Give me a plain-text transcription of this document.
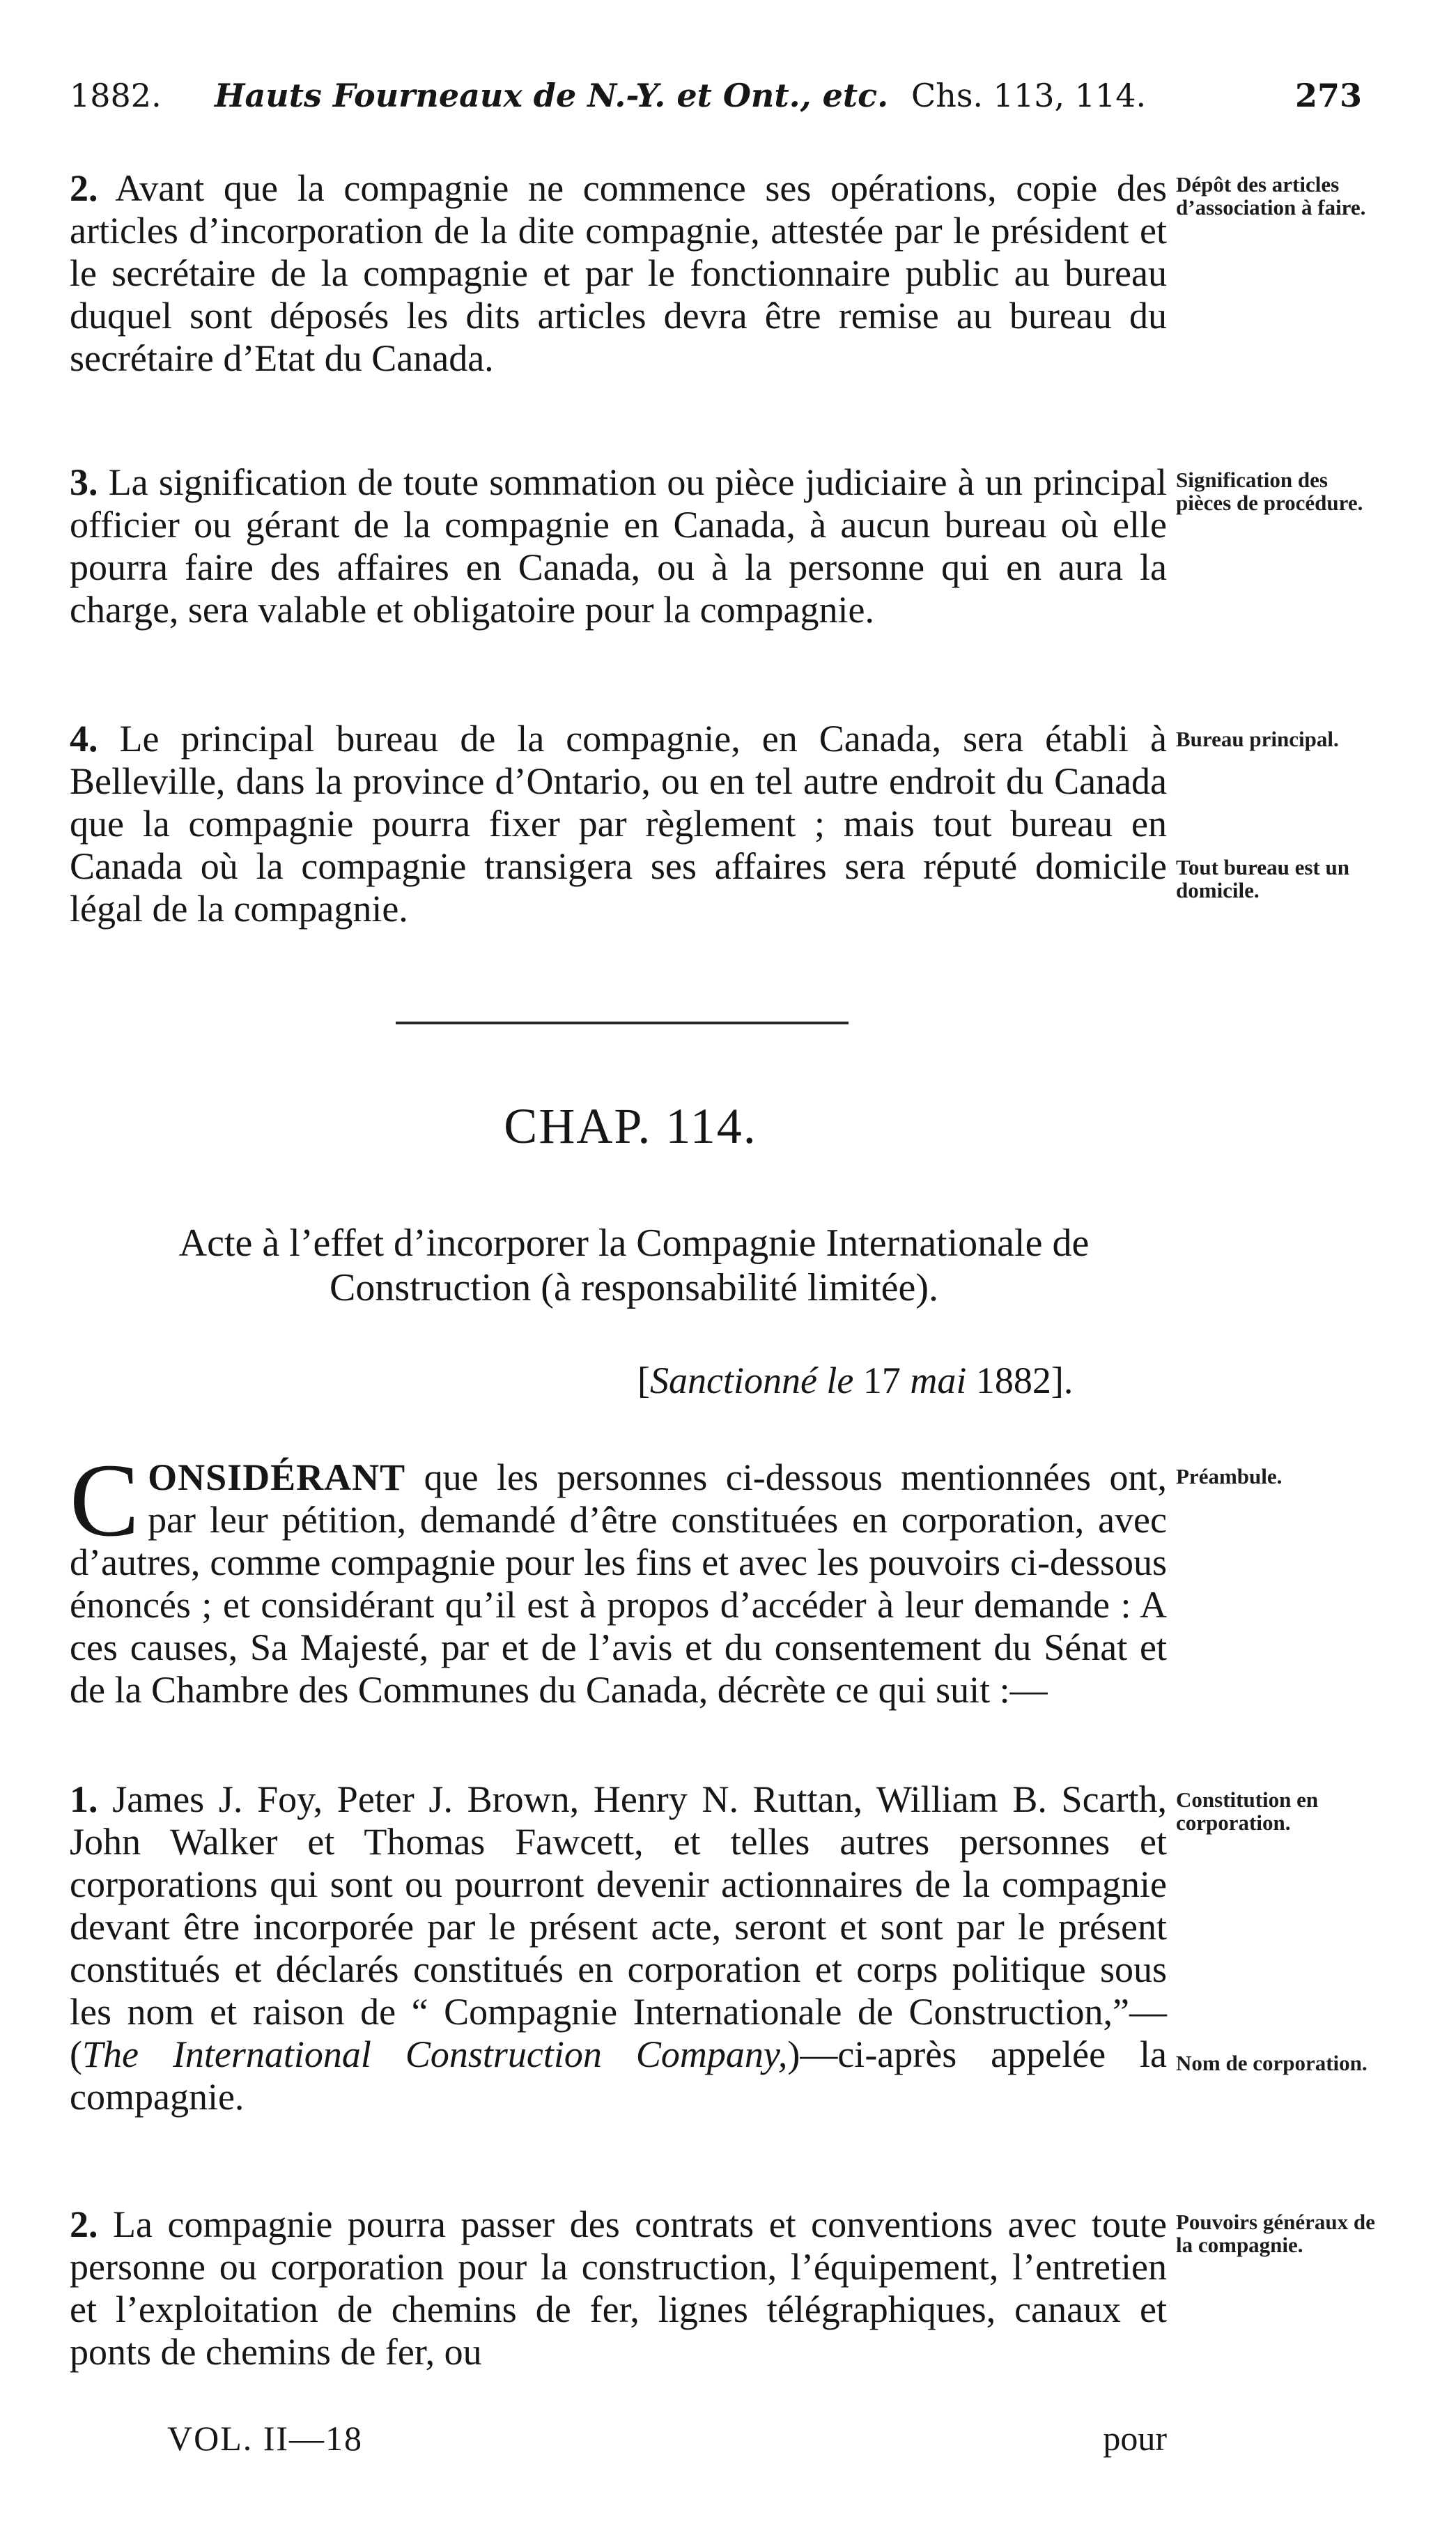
1882. Hauts Fourneaux de N.-Y. et Ont., etc. Chs. 113, 114.	273
2. Avant que la compagnie ne commence ses opérations, copie des articles d’incorporation de la dite compagnie, attestée par le président et le secrétaire de la compagnie et par le fonctionnaire public au bureau duquel sont déposés les dits articles devra être remise au bureau du secrétaire d’Etat du Canada.
Dépôt des articles d’association à faire.
3. La signification de toute sommation ou pièce judiciaire à un principal officier ou gérant de la compagnie en Canada, à aucun bureau où elle pourra faire des affaires en Canada, ou à la personne qui en aura la charge, sera valable et obligatoire pour la compagnie.
Signification des pièces de procédure.
4. Le principal bureau de la compagnie, en Canada, sera établi à Belleville, dans la province d’Ontario, ou en tel autre endroit du Canada que la compagnie pourra fixer par règlement ; mais tout bureau en Canada où la compagnie transigera ses affaires sera réputé domicile légal de la compagnie.
Bureau principal.
Tout bureau est un domicile.
CHAP. 114.
Acte à l’effet d’incorporer la Compagnie Internationale de Construction (à responsabilité limitée).
[Sanctionné le 17 mai 1882].
CONSIDÉRANT que les personnes ci-dessous mentionnées ont, par leur pétition, demandé d’être constituées en corporation, avec d’autres, comme compagnie pour les fins et avec les pouvoirs ci-dessous énoncés ; et considérant qu’il est à propos d’accéder à leur demande : A ces causes, Sa Majesté, par et de l’avis et du consentement du Sénat et de la Chambre des Communes du Canada, décrète ce qui suit :—
Préambule.
1. James J. Foy, Peter J. Brown, Henry N. Ruttan, William B. Scarth, John Walker et Thomas Fawcett, et telles autres personnes et corporations qui sont ou pourront devenir actionnaires de la compagnie devant être incorporée par le présent acte, seront et sont par le présent constitués et déclarés constitués en corporation et corps politique sous les nom et raison de “ Compagnie Internationale de Construction,”—(The International Construction Company,)—ci-après appelée la compagnie.
Constitution en corporation.
Nom de corporation.
2. La compagnie pourra passer des contrats et conventions avec toute personne ou corporation pour la construction, l’équipement, l’entretien et l’exploitation de chemins de fer, lignes télégraphiques, canaux et ponts de chemins de fer, ou
Pouvoirs généraux de la compagnie.
VOL. II—18	pour
